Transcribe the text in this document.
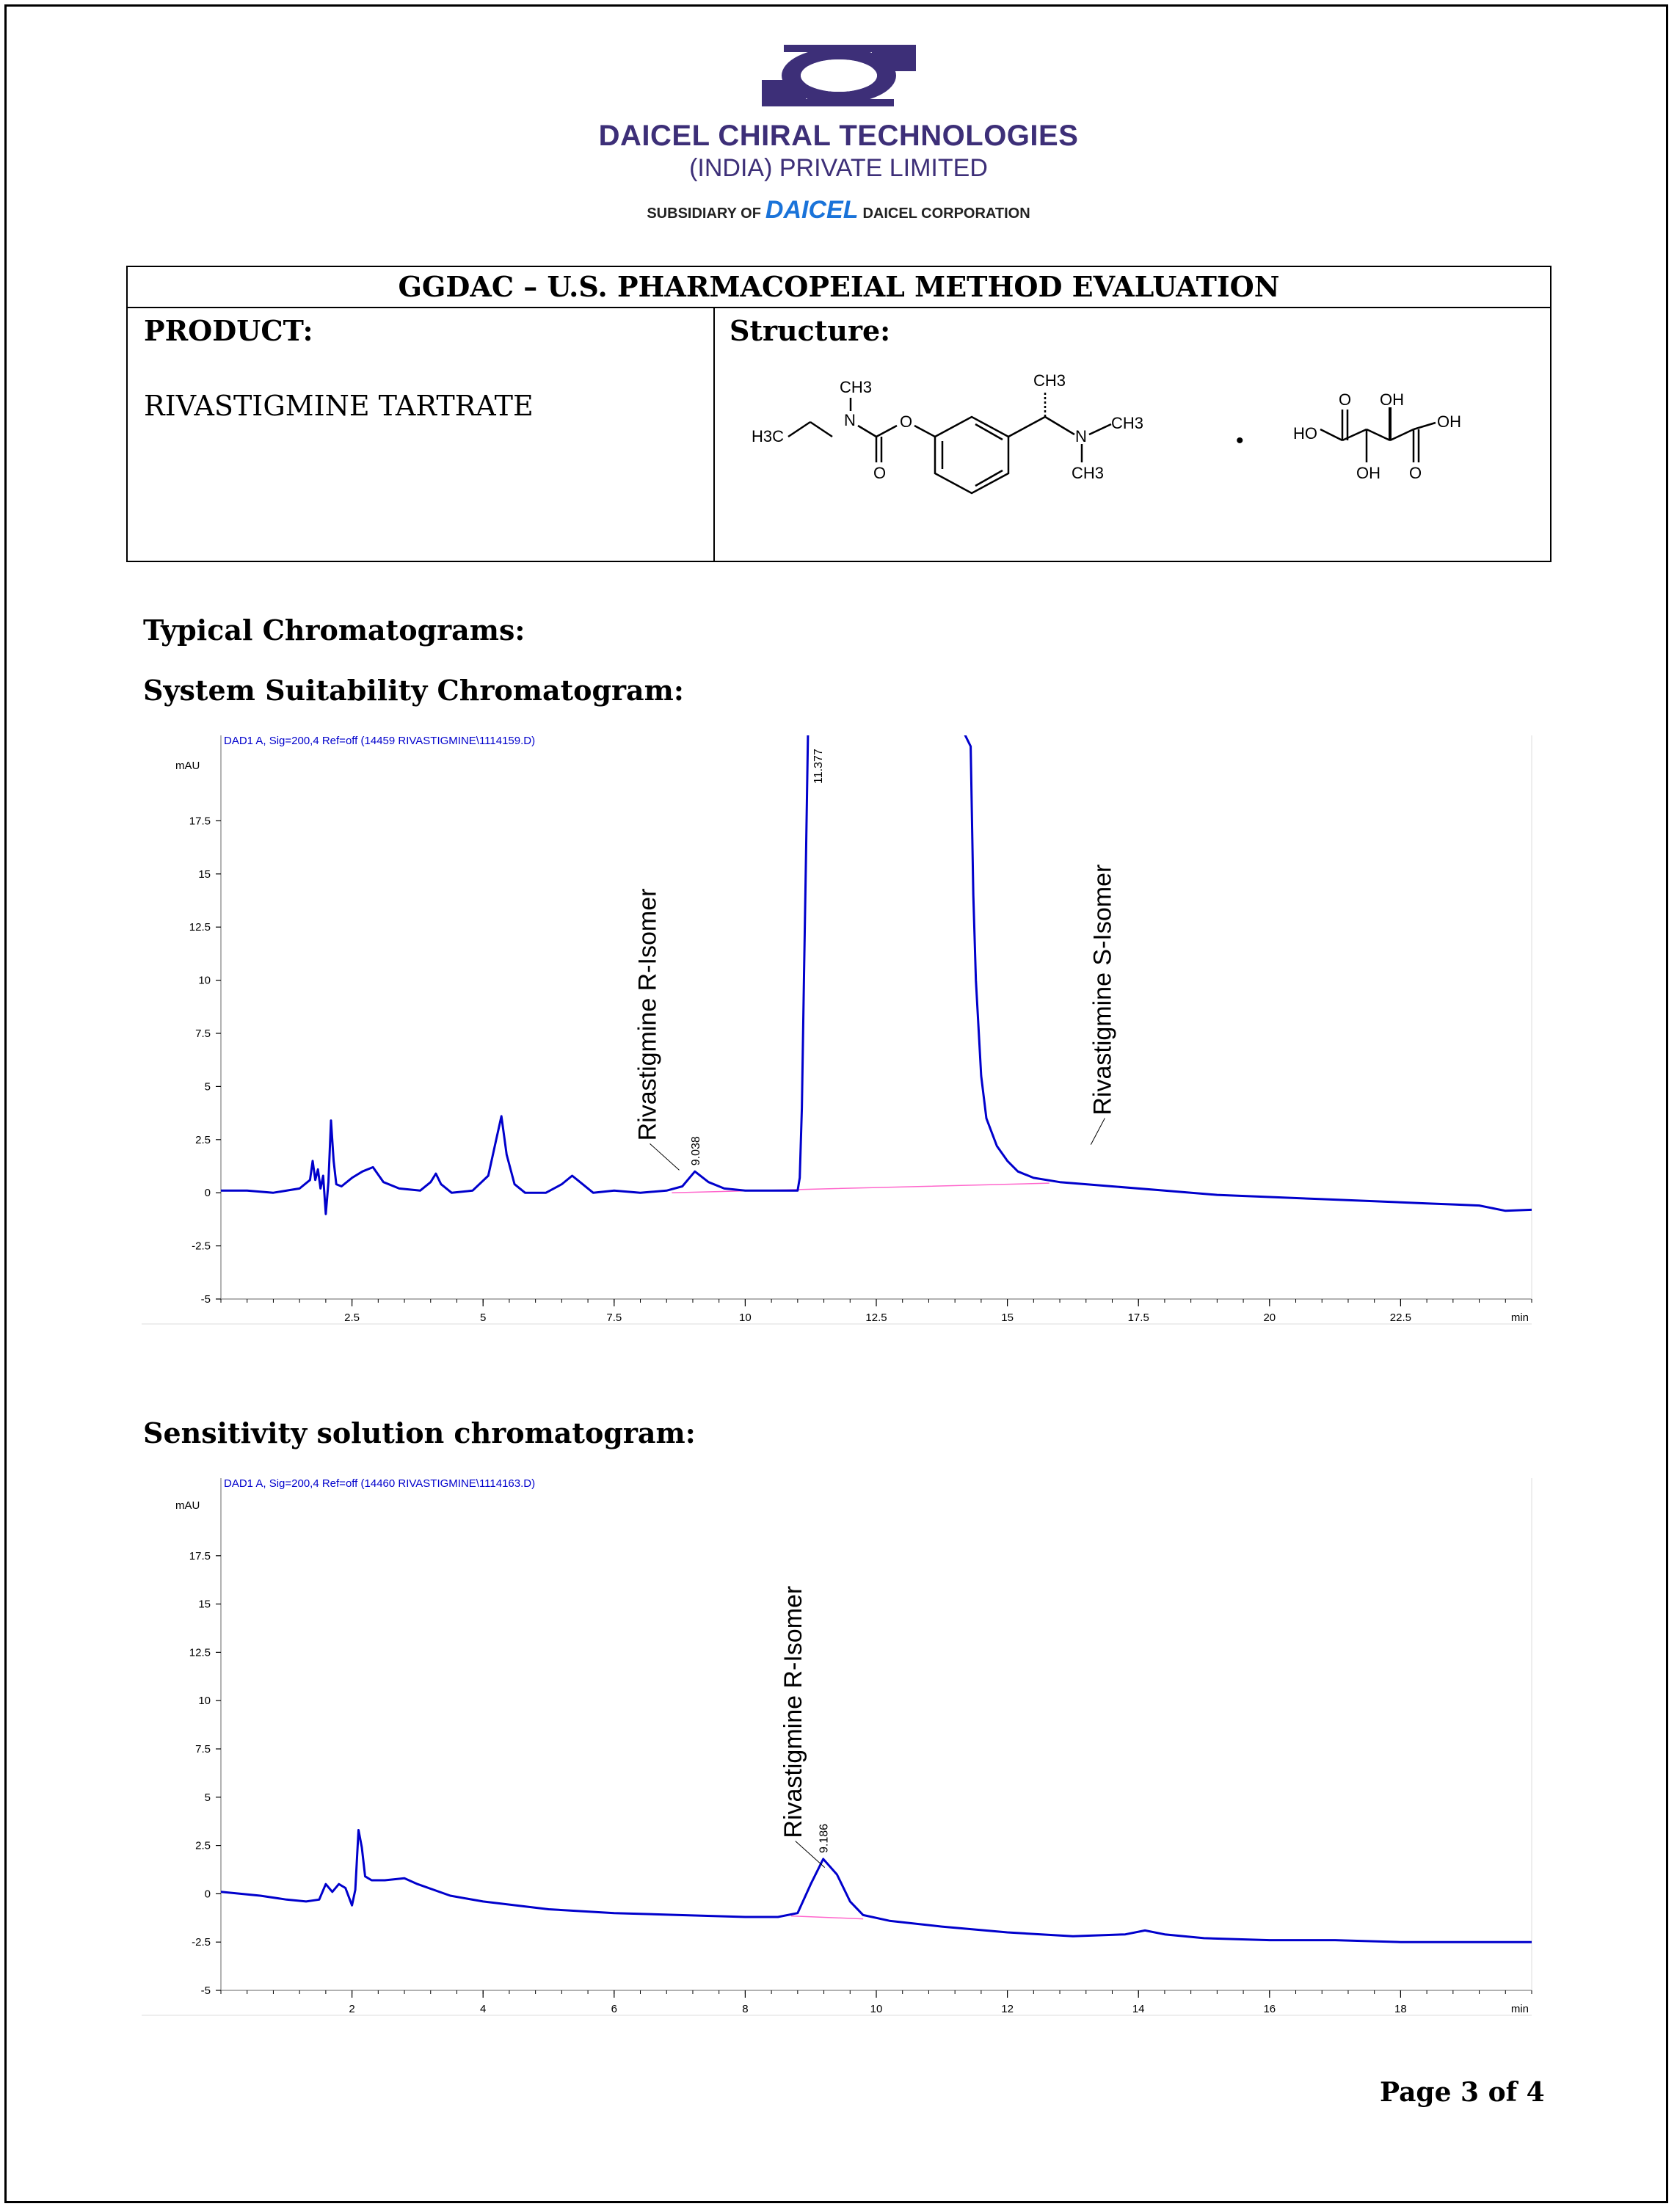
DAICEL CHIRAL TECHNOLOGIES
(INDIA) PRIVATE LIMITED
SUBSIDIARY OF DAICEL DAICEL CORPORATION
GGDAC – U.S. PHARMACOPEIAL METHOD EVALUATION

PRODUCT:
RIVASTIGMINE TARTRATE

Structure:
CH3
H3C
N	O
O
CH3
N
CH3
CH3
•
O OH
OH
HO
OH O
Typical Chromatograms:
System Suitability Chromatogram:
DAD1 A, Sig=200,4 Ref=off (14459 RIVASTIGMINE\1114159.D)
mAU
min
17.5
15
12.5
10
7.5
5
2.5
0
-2.5
-5
2.5	5	7.5	10	12.5	15	17.5	20	22.5
9.038
11.377
Rivastigmine R-Isomer	Rivastigmine S-Isomer
Sensitivity solution chromatogram:
DAD1 A, Sig=200,4 Ref=off (14460 RIVASTIGMINE\1114163.D)
mAU
min
17.5
15
12.5
10
7.5
5
2.5
0
-2.5
-5
2	4	6	8	10	12	14	16	18
9.186
Rivastigmine R-Isomer
Page 3 of 4
